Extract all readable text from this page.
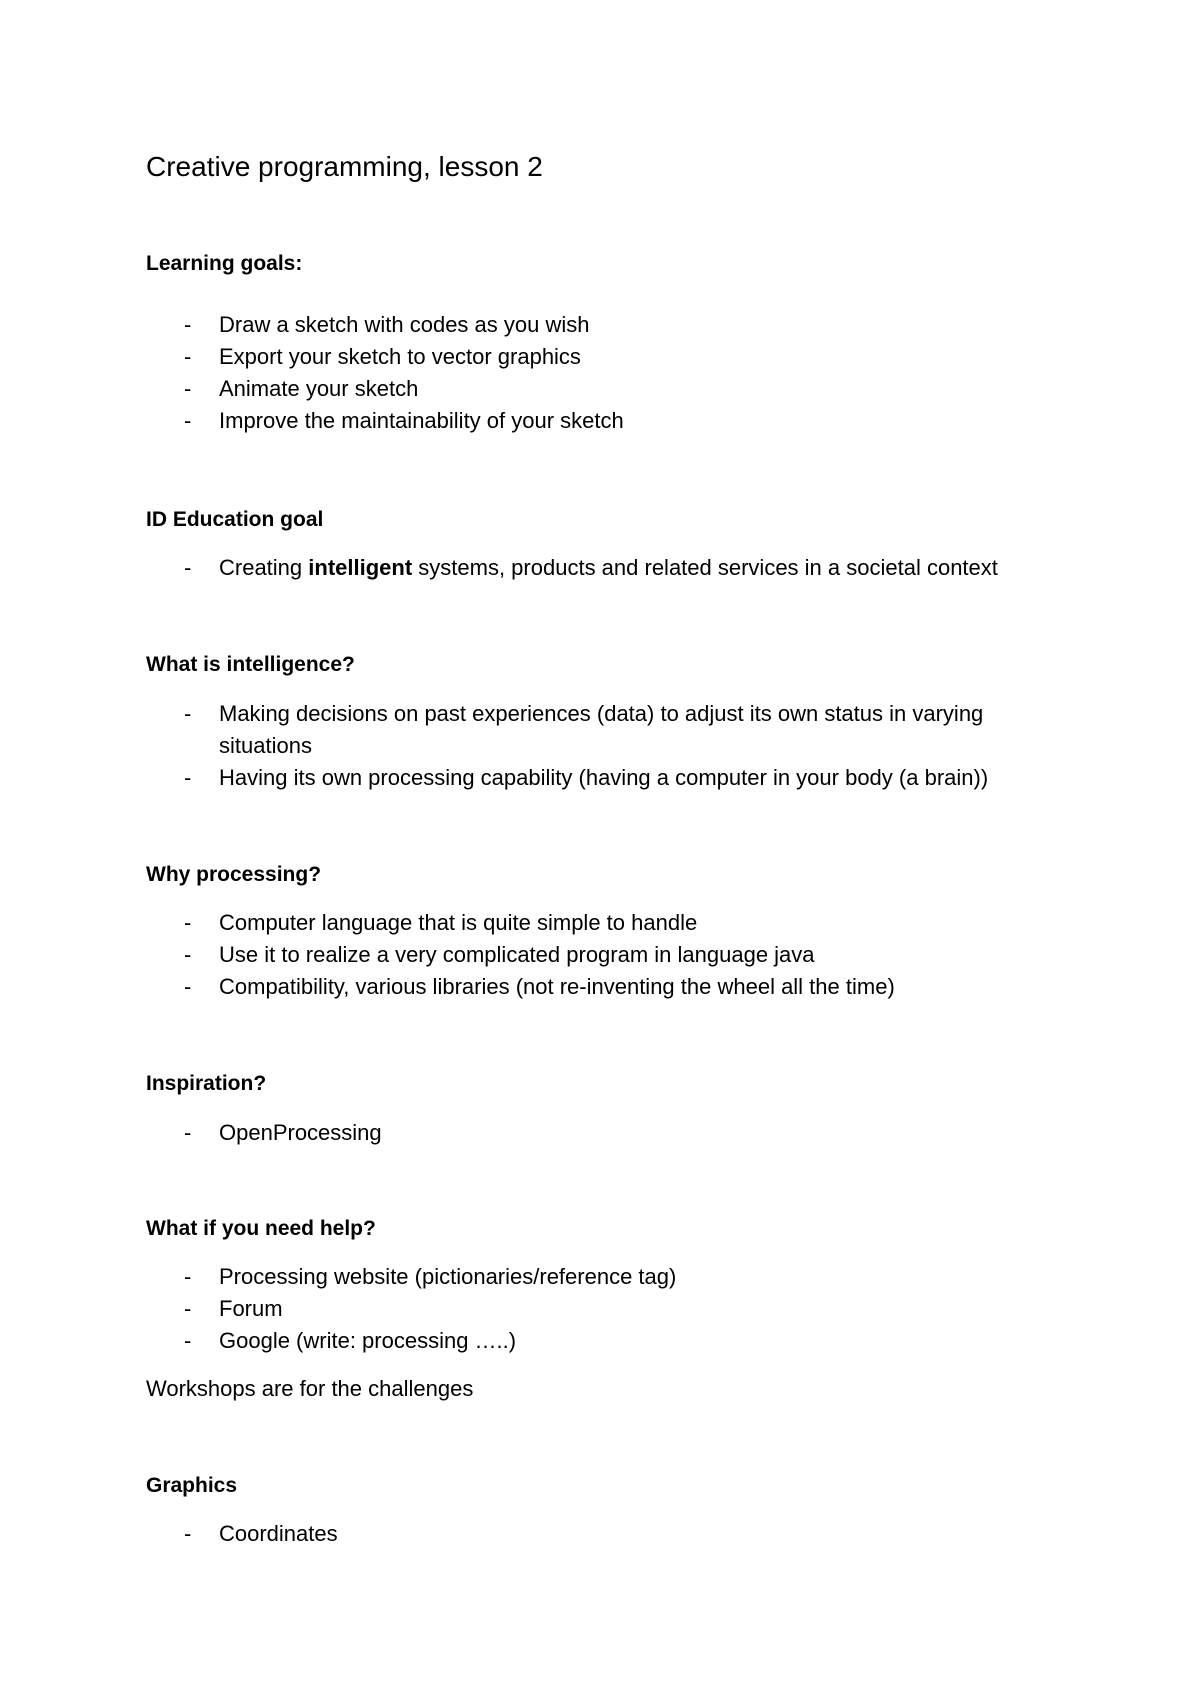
Creative programming, lesson 2
Learning goals:
- Draw a sketch with codes as you wish
- Export your sketch to vector graphics
- Animate your sketch
- Improve the maintainability of your sketch
ID Education goal
- Creating intelligent systems, products and related services in a societal context
What is intelligence?
- Making decisions on past experiences (data) to adjust its own status in varying
situations
- Having its own processing capability (having a computer in your body (a brain))
Why processing?
- Computer language that is quite simple to handle
- Use it to realize a very complicated program in language java
- Compatibility, various libraries (not re-inventing the wheel all the time)
Inspiration?
- OpenProcessing
What if you need help?
- Processing website (pictionaries/reference tag)
- Forum
- Google (write: processing …..)
Workshops are for the challenges
Graphics
- Coordinates
